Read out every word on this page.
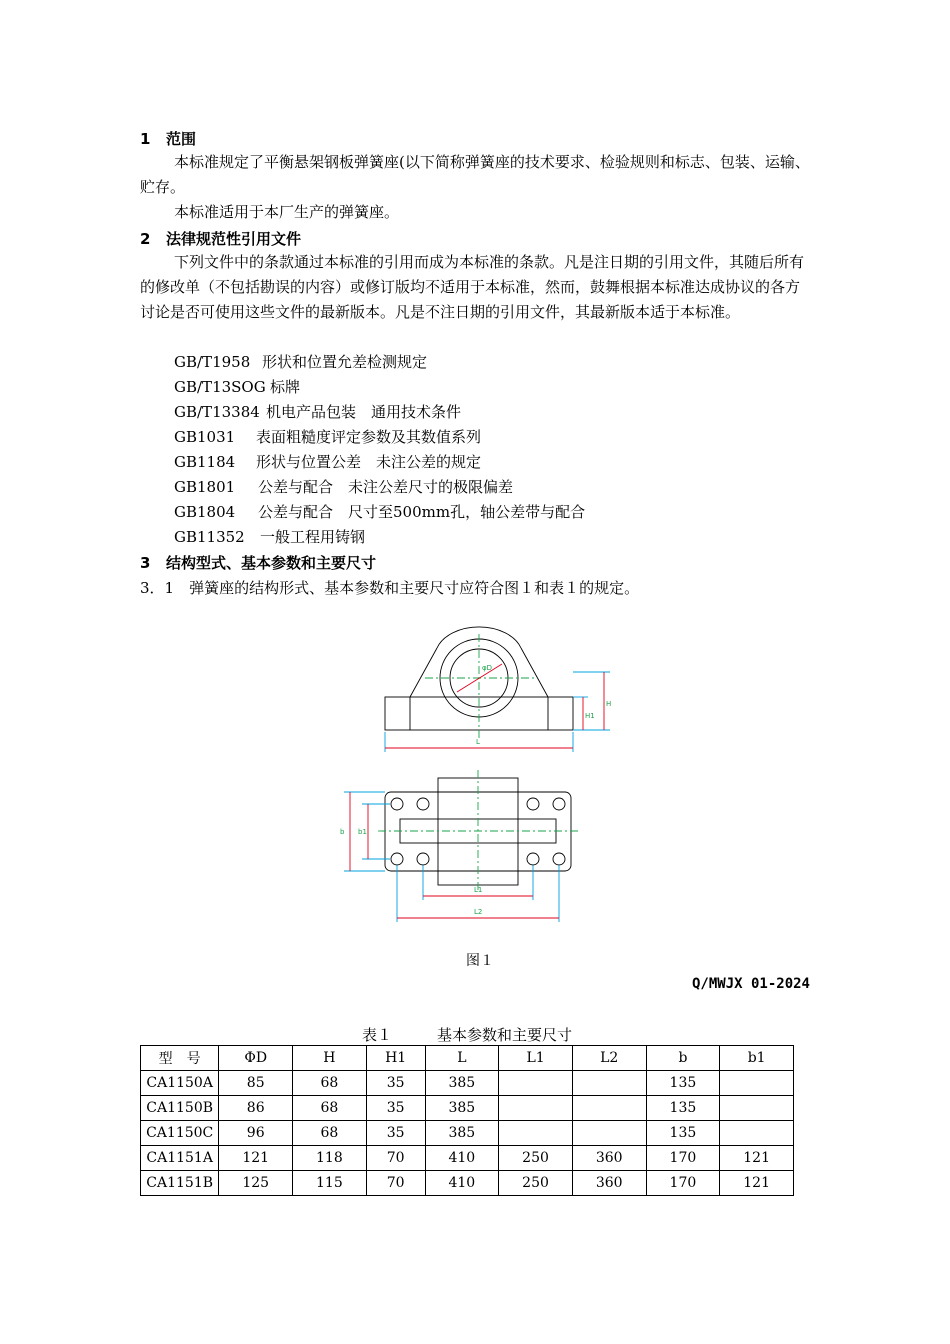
1 范围

本标准规定了平衡悬架钢板弹簧座(以下简称弹簧座的技术要求、检验规则和标志、包装、运输、贮存。

本标准适用于本厂生产的弹簧座。

2 法律规范性引用文件

下列文件中的条款通过本标准的引用而成为本标准的条款。凡是注日期的引用文件，其随后所有的修改单（不包括勘误的内容）或修订版均不适用于本标准，然而，鼓舞根据本标准达成协议的各方讨论是否可使用这些文件的最新版本。凡是不注日期的引用文件，其最新版本适于本标准。

GB/T1958 形状和位置允差检测规定
GB/T13SOG 标牌
GB/T13384 机电产品包装　通用技术条件
GB1031 表面粗糙度评定参数及其数值系列
GB1184 形状与位置公差　未注公差的规定
GB1801 公差与配合　未注公差尺寸的极限偏差
GB1804 公差与配合　尺寸至500mm孔，轴公差带与配合
GB11352 一般工程用铸钢
3 结构型式、基本参数和主要尺寸
3．1　弹簧座的结构形式、基本参数和主要尺寸应符合图１和表１的规定。
φD
H
H1
L
b b1
L1
L2
图１
Q/MWJX 01-2024
表１　　　基本参数和主要尺寸
型　号	ΦD	H	H1	L	L1	L2	b	b1
CA1150A	85	68	35	385			135	
CA1150B	86	68	35	385			135	
CA1150C	96	68	35	385			135	
CA1151A	121	118	70	410	250	360	170	121
CA1151B	125	115	70	410	250	360	170	121
